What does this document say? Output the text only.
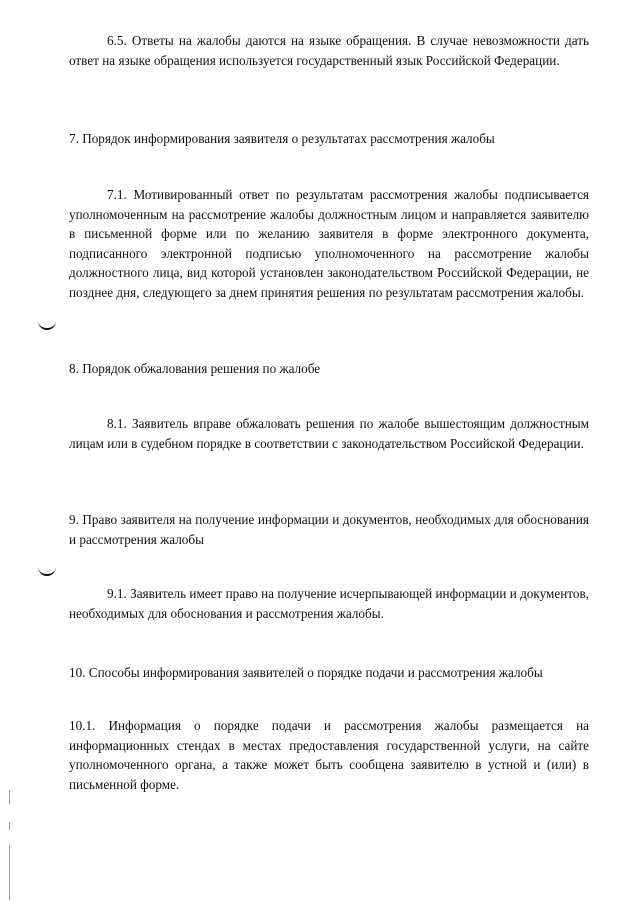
6.5. Ответы на жалобы даются на языке обращения. В случае невозможности дать ответ на языке обращения используется государственный язык Российской Федерации.

7. Порядок информирования заявителя о результатах рассмотрения жалобы

7.1. Мотивированный ответ по результатам рассмотрения жалобы подписывается уполномоченным на рассмотрение жалобы должностным лицом и направляется заявителю в письменной форме или по желанию заявителя в форме электронного документа, подписанного электронной подписью уполномоченного на рассмотрение жалобы должностного лица, вид которой установлен законодательством Российской Федерации, не позднее дня, следующего за днем принятия решения по результатам рассмотрения жалобы.

8. Порядок обжалования решения по жалобе

8.1. Заявитель вправе обжаловать решения по жалобе вышестоящим должностным лицам или в судебном порядке в соответствии с законодательством Российской Федерации.

9. Право заявителя на получение информации и документов, необходимых для обоснования и рассмотрения жалобы

9.1. Заявитель имеет право на получение исчерпывающей информации и документов, необходимых для обоснования и рассмотрения жалобы.

10. Способы информирования заявителей о порядке подачи и рассмотрения жалобы

10.1. Информация о порядке подачи и рассмотрения жалобы размещается на информационных стендах в местах предоставления государственной услуги, на сайте уполномоченного органа, а также может быть сообщена заявителю в устной и (или) в письменной форме.
